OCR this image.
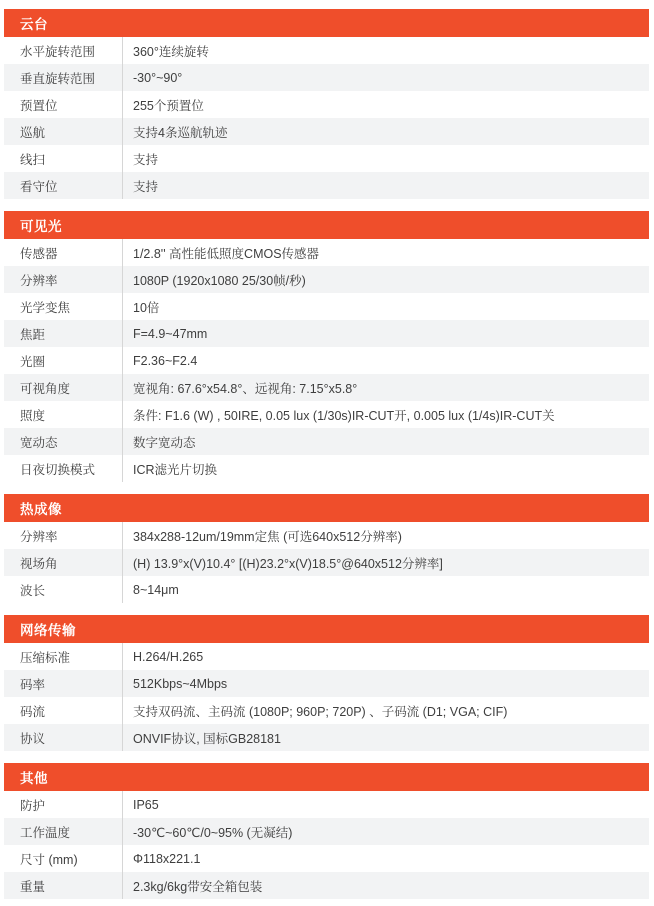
云台
水平旋转范围	360°连续旋转
垂直旋转范围	-30°~90°
预置位	255个预置位
巡航	支持4条巡航轨迹
线扫	支持
看守位	支持
可见光
传感器	1/2.8'' 高性能低照度CMOS传感器
分辨率	1080P (1920x1080 25/30帧/秒)
光学变焦	10倍
焦距	F=4.9~47mm
光圈	F2.36~F2.4
可视角度	宽视角: 67.6°x54.8°、远视角: 7.15°x5.8°
照度	条件: F1.6 (W) , 50IRE, 0.05 lux (1/30s)IR-CUT开, 0.005 lux (1/4s)IR-CUT关
宽动态	数字宽动态
日夜切换模式	ICR滤光片切换
热成像
分辨率	384x288-12um/19mm定焦 (可选640x512分辨率)
视场角	(H) 13.9°x(V)10.4° [(H)23.2°x(V)18.5°@640x512分辨率]
波长	8~14μm
网络传输
压缩标准	H.264/H.265
码率	512Kbps~4Mbps
码流	支持双码流、主码流 (1080P; 960P; 720P) 、子码流 (D1; VGA; CIF)
协议	ONVIF协议, 国标GB28181
其他
防护	IP65
工作温度	-30℃~60℃/0~95% (无凝结)
尺寸 (mm)	Φ118x221.1
重量	2.3kg/6kg带安全箱包装
